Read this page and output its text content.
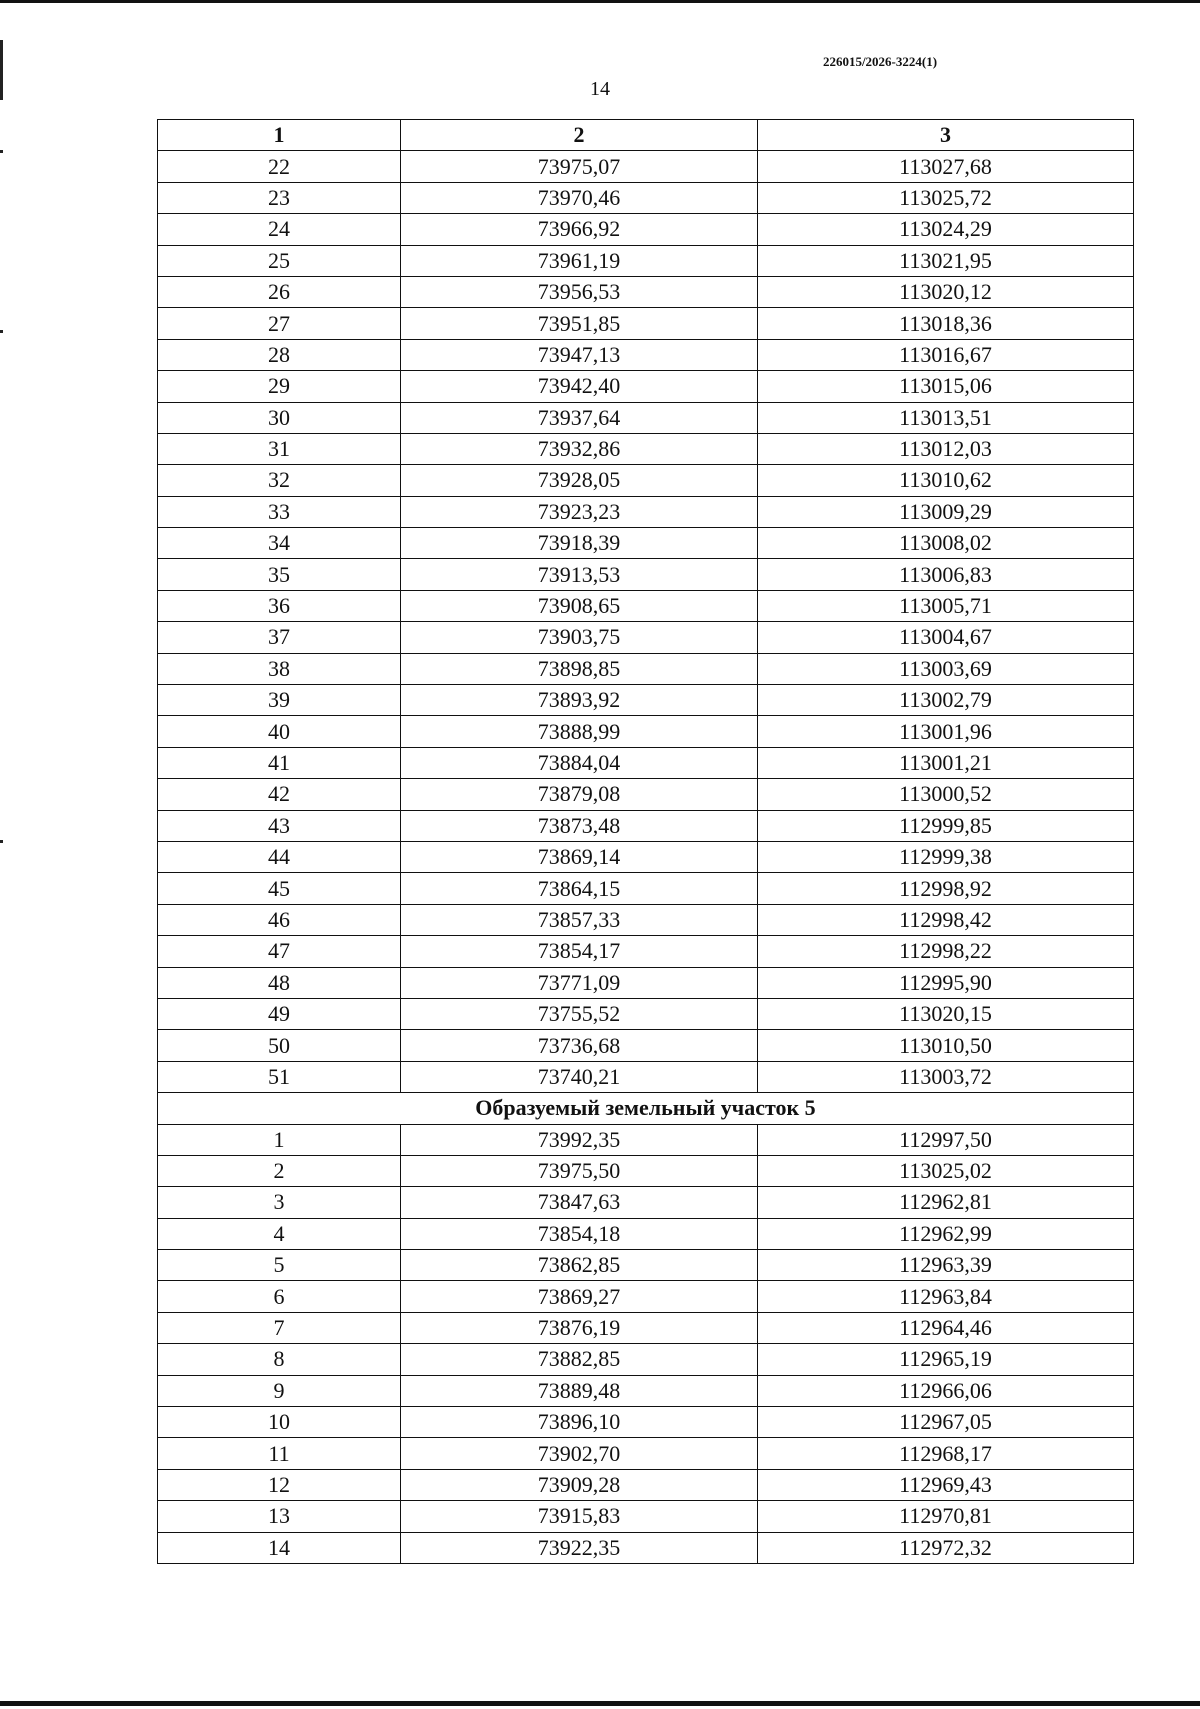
226015/2026-3224(1)
14
1	2	3
22	73975,07	113027,68
23	73970,46	113025,72
24	73966,92	113024,29
25	73961,19	113021,95
26	73956,53	113020,12
27	73951,85	113018,36
28	73947,13	113016,67
29	73942,40	113015,06
30	73937,64	113013,51
31	73932,86	113012,03
32	73928,05	113010,62
33	73923,23	113009,29
34	73918,39	113008,02
35	73913,53	113006,83
36	73908,65	113005,71
37	73903,75	113004,67
38	73898,85	113003,69
39	73893,92	113002,79
40	73888,99	113001,96
41	73884,04	113001,21
42	73879,08	113000,52
43	73873,48	112999,85
44	73869,14	112999,38
45	73864,15	112998,92
46	73857,33	112998,42
47	73854,17	112998,22
48	73771,09	112995,90
49	73755,52	113020,15
50	73736,68	113010,50
51	73740,21	113003,72
Образуемый земельный участок 5		
1	73992,35	112997,50
2	73975,50	113025,02
3	73847,63	112962,81
4	73854,18	112962,99
5	73862,85	112963,39
6	73869,27	112963,84
7	73876,19	112964,46
8	73882,85	112965,19
9	73889,48	112966,06
10	73896,10	112967,05
11	73902,70	112968,17
12	73909,28	112969,43
13	73915,83	112970,81
14	73922,35	112972,32
